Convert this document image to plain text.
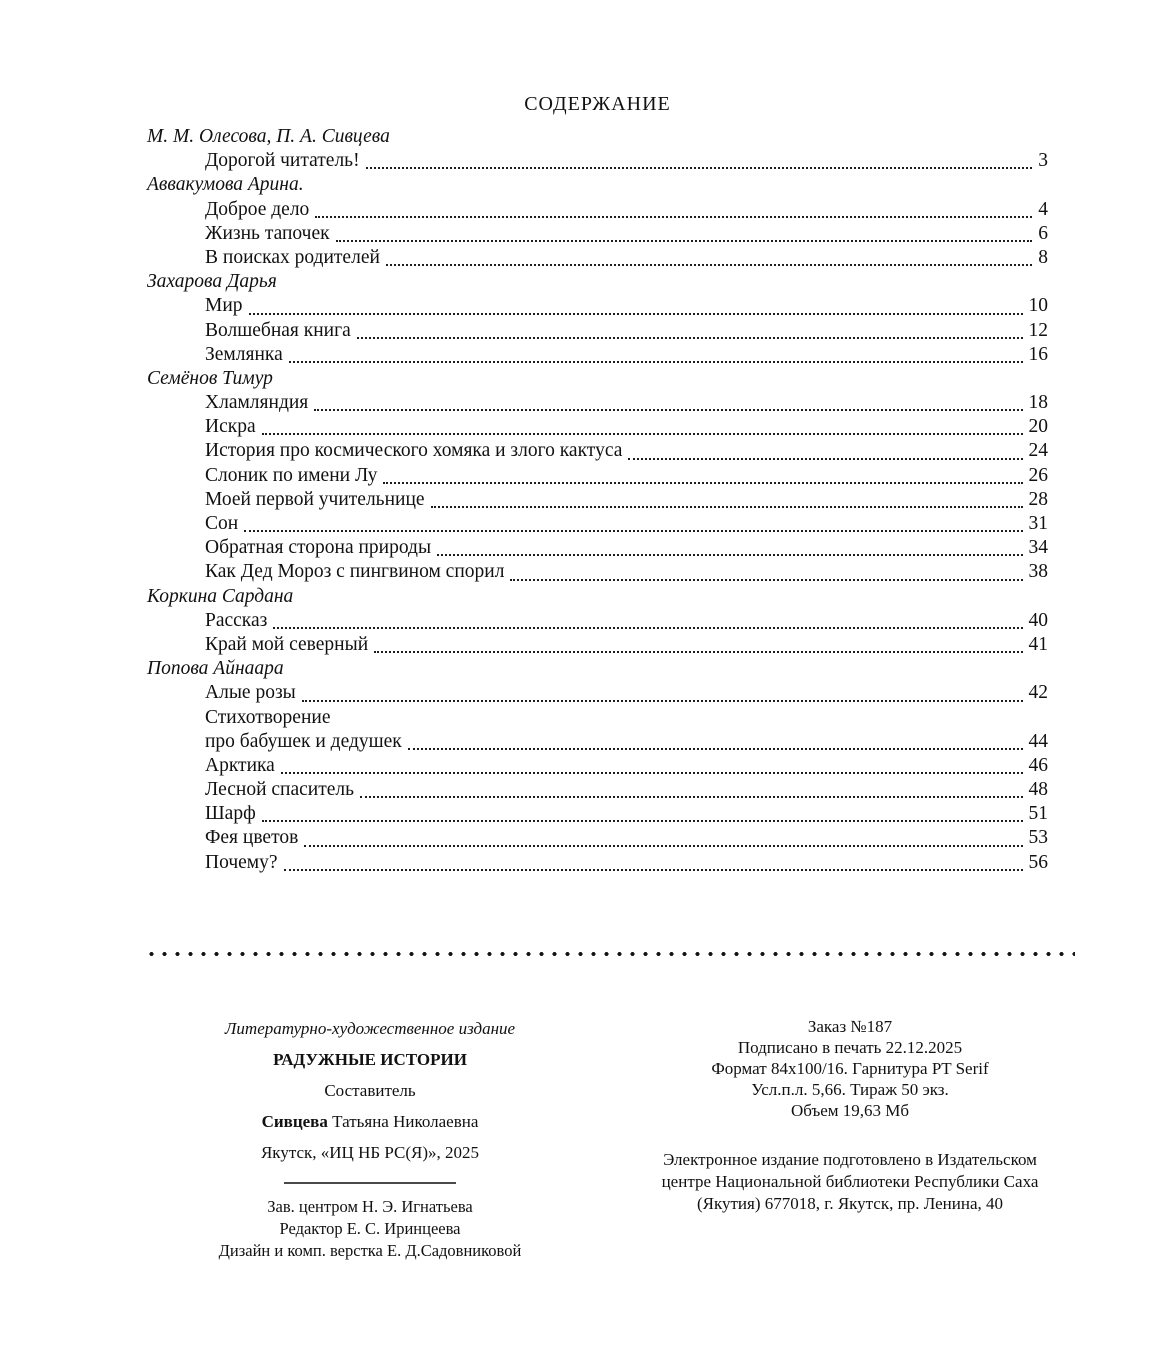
СОДЕРЖАНИЕ
М. М. Олесова, П. А. Сивцева
Дорогой читатель!	3
Аввакумова Арина.
Доброе дело	4
Жизнь тапочек	6
В поисках родителей	8
Захарова Дарья
Мир	10
Волшебная книга	12
Землянка	16
Семёнов Тимур
Хламляндия	18
Искра	20
История про космического хомяка и злого кактуса	24
Слоник по имени Лу	26
Моей первой учительнице	28
Сон	31
Обратная сторона природы	34
Как Дед Мороз с пингвином спорил	38
Коркина Сардана
Рассказ	40
Край мой северный	41
Попова Айнаара
Алые розы	42
Стихотворение
про бабушек и дедушек	44
Арктика	46
Лесной спаситель	48
Шарф	51
Фея цветов	53
Почему?	56
Литературно-художественное издание
РАДУЖНЫЕ ИСТОРИИ
Составитель
Сивцева Татьяна Николаевна
Якутск, «ИЦ НБ РС(Я)», 2025
Зав. центром Н. Э. Игнатьева
Редактор Е. С. Иринцеева
Дизайн и комп. верстка Е. Д.Садовниковой
Заказ №187
Подписано в печать 22.12.2025
Формат 84х100/16. Гарнитура PT Serif
Усл.п.л. 5,66. Тираж 50 экз.
Объем 19,63 Мб
Электронное издание подготовлено в Издательском
центре Национальной библиотеки Республики Саха
(Якутия) 677018, г. Якутск, пр. Ленина, 40
